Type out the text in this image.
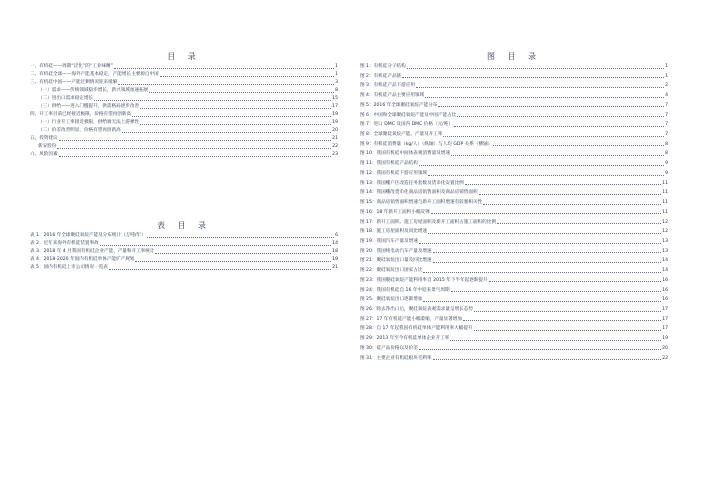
目 录
一、有机硅——周期“泛化”的“工业味精”	1
二、有机硅全球——海外产能基本稳定，产能增长主要源自中国	1
三、有机硅中国——产能过剩情况迎来缓解	3
（一）需求——传统领域稳步增长，新兴领域加速拓展	8
（二）进出口需求稳定增长	15
（三）供给——进入门槛提升，供需格局逐步改善	17
四、开工率目前已经接近极限，价格有望再创新高	19
（一）行业开工率接近极限，供给端无法上游弹性	19
（二）价差改善明显，价格有望再创新高	20
五、投资建议	21
新安股份	22
六、风险因素	23
表 目 录
表 1：2016 年全球聚硅氧烷产能及分布统计（万吨/年）	6
表 2：近年来海外有机硅装置事故	14
表 3：2018 年 4 月我国有机硅企业产能、产量和开工率统计	18
表 4：2018-2020 年国内有机硅单体产能扩产规划	19
表 5：国内有机硅上市公司情况一览表	21
图 目 录
图 1：有机硅分子结构	1
图 2：有机硅产品链	1
图 3：有机硅产品下游应用	2
图 4：有机硅产品主要应用领域	4
图 5：2016 年全球聚硅氧烷产能分布	7
图 6：中国和全球聚硅氧烷产能及中国产能占比	7
图 7：进口 DMC 及国内 DMC 价格（元/吨）	7
图 8：全球聚硅氧烷产能、产量及开工率	7
图 9：有机硅消费量（kg/人）（纵轴）与人均 GDP 关系（横轴）	8
图 10：我国有机硅中间体表观消费量及增速	8
图 11：我国有机硅产品结构	9
图 12：我国有机硅下游应用领域	9
图 13：我国棚户区改造任务套数及货币化安置比例	11
图 14：我国棚改货币化商品房销售面积及商品房销售面积	11
图 15：商品房销售面积增速与新开工面积增速有较强相关性	11
图 16：18 年新开工面积小幅反弹	11
图 17：新开工面积、施工房屋面积及新开工面积占施工面积的比例	12
图 18：施工房屋面积及同比增速	12
图 19：我国汽车产量及增速	13
图 20：我国纯电动汽车产量及增速	13
图 21：聚硅氧烷出口量及同比增速	14
图 22：聚硅氧烷出口国家占比	14
图 23：我国聚硅氧烷产能利用率自 2015 年下半年起逐渐提升	16
图 24：我国有机硅自 16 年中迎来景气周期	16
图 25：聚硅氧烷出口逐渐增加	16
图 26：除去净出口后，聚硅氧烷表观需求量呈增长态势	17
图 27：17 年有机硅产能小幅萎缩，产量显著增加	17
图 28：自 17 年起我国有机硅单体产能利用率大幅提升	17
图 29：2013 年至今有机硅单体企业开工率	19
图 30：硅产品价格以及价差	20
图 31：主要企业有机硅板块毛利率	22
